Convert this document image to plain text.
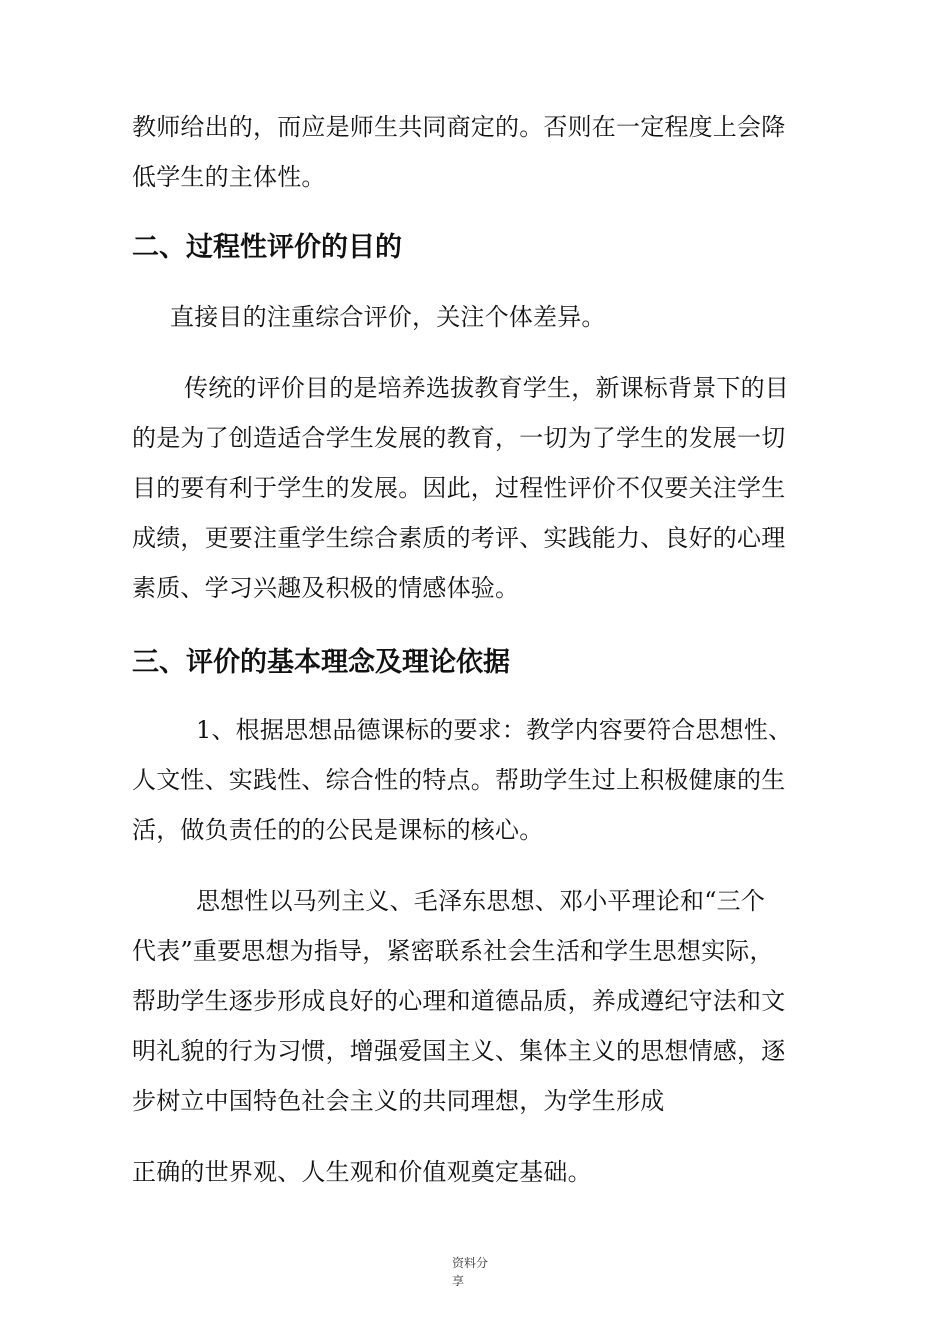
教师给出的，而应是师生共同商定的。否则在一定程度上会降
低学生的主体性。

二、过程性评价的目的

直接目的注重综合评价，关注个体差异。

传统的评价目的是培养选拔教育学生，新课标背景下的目
的是为了创造适合学生发展的教育，一切为了学生的发展一切
目的要有利于学生的发展。因此，过程性评价不仅要关注学生
成绩，更要注重学生综合素质的考评、实践能力、良好的心理
素质、学习兴趣及积极的情感体验。

三、评价的基本理念及理论依据

1、根据思想品德课标的要求：教学内容要符合思想性、
人文性、实践性、综合性的特点。帮助学生过上积极健康的生
活，做负责任的的公民是课标的核心。

思想性以马列主义、毛泽东思想、邓小平理论和“三个
代表”重要思想为指导，紧密联系社会生活和学生思想实际，
帮助学生逐步形成良好的心理和道德品质，养成遵纪守法和文
明礼貌的行为习惯，增强爱国主义、集体主义的思想情感，逐
步树立中国特色社会主义的共同理想，为学生形成

正确的世界观、人生观和价值观奠定基础。

资料分
享
